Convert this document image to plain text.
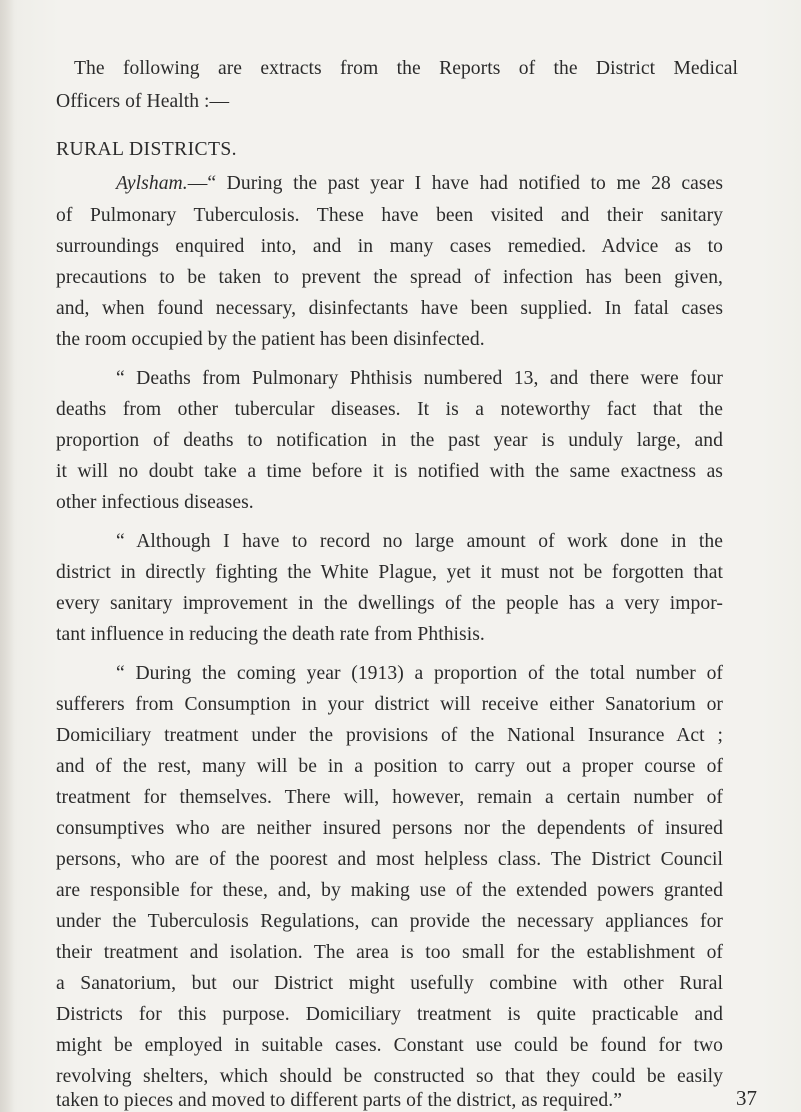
The following are extracts from the Reports of the District Medical
Officers of Health :—
RURAL DISTRICTS.
Aylsham.—“ During the past year I have had notified to me 28 cases
of Pulmonary Tuberculosis. These have been visited and their sanitary
surroundings enquired into, and in many cases remedied. Advice as to
precautions to be taken to prevent the spread of infection has been given,
and, when found necessary, disinfectants have been supplied. In fatal cases
the room occupied by the patient has been disinfected.
“ Deaths from Pulmonary Phthisis numbered 13, and there were four
deaths from other tubercular diseases. It is a noteworthy fact that the
proportion of deaths to notification in the past year is unduly large, and
it will no doubt take a time before it is notified with the same exactness as
other infectious diseases.
“ Although I have to record no large amount of work done in the
district in directly fighting the White Plague, yet it must not be forgotten that
every sanitary improvement in the dwellings of the people has a very impor-
tant influence in reducing the death rate from Phthisis.
“ During the coming year (1913) a proportion of the total number of
sufferers from Consumption in your district will receive either Sanatorium or
Domiciliary treatment under the provisions of the National Insurance Act ;
and of the rest, many will be in a position to carry out a proper course of
treatment for themselves. There will, however, remain a certain number of
consumptives who are neither insured persons nor the dependents of insured
persons, who are of the poorest and most helpless class. The District Council
are responsible for these, and, by making use of the extended powers granted
under the Tuberculosis Regulations, can provide the necessary appliances for
their treatment and isolation. The area is too small for the establishment of
a Sanatorium, but our District might usefully combine with other Rural
Districts for this purpose. Domiciliary treatment is quite practicable and
might be employed in suitable cases. Constant use could be found for two
revolving shelters, which should be constructed so that they could be easily
taken to pieces and moved to different parts of the district, as required.”	37
